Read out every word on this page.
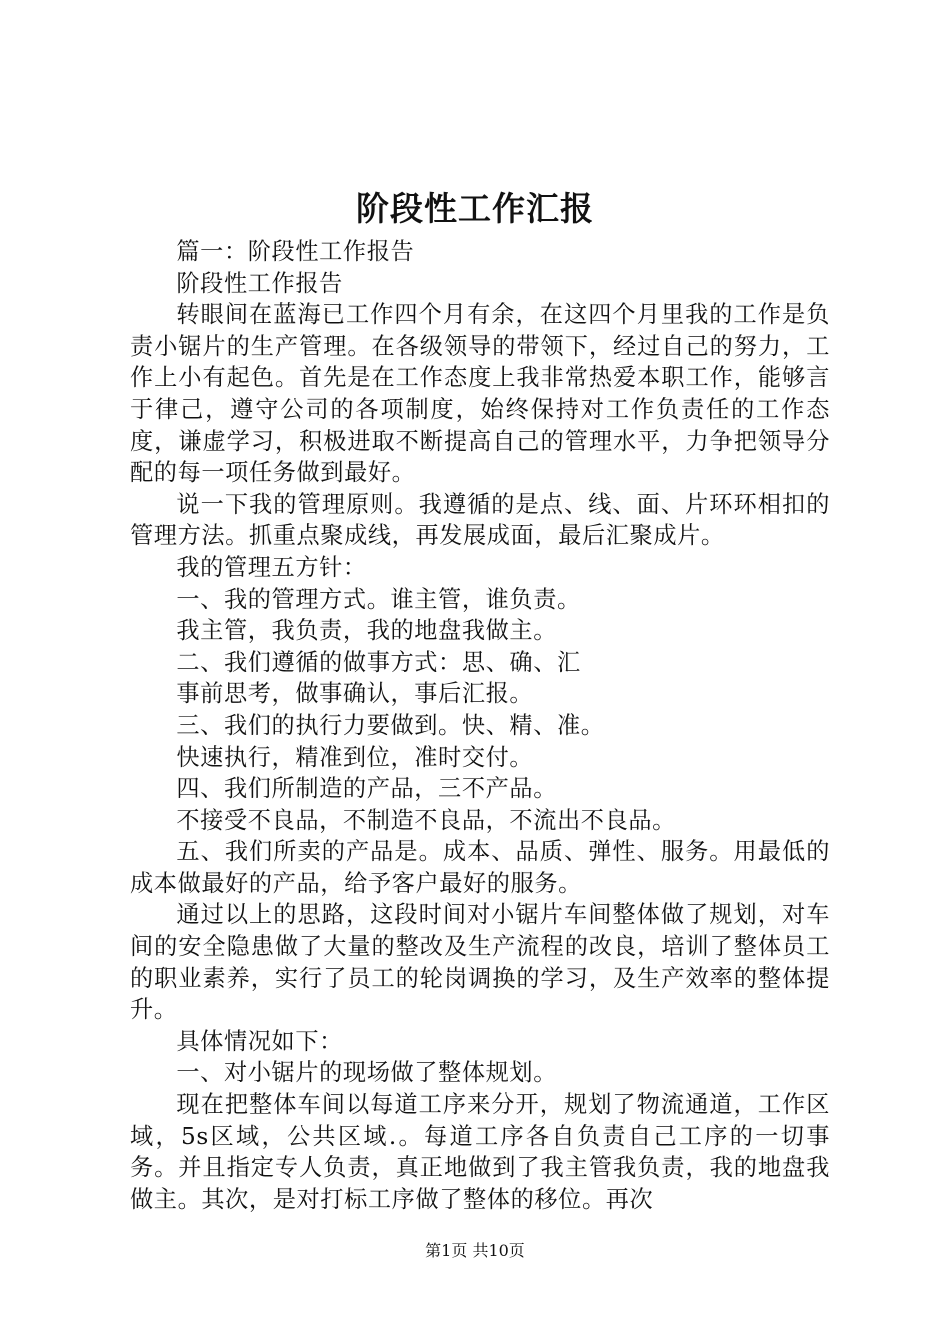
阶段性工作汇报

篇一：阶段性工作报告

阶段性工作报告

转眼间在蓝海已工作四个月有余，在这四个月里我的工作是负责小锯片的生产管理。在各级领导的带领下，经过自己的努力，工作上小有起色。首先是在工作态度上我非常热爱本职工作，能够言于律己，遵守公司的各项制度，始终保持对工作负责任的工作态度，谦虚学习，积极进取不断提高自己的管理水平，力争把领导分配的每一项任务做到最好。

说一下我的管理原则。我遵循的是点、线、面、片环环相扣的管理方法。抓重点聚成线，再发展成面，最后汇聚成片。

我的管理五方针：

一、我的管理方式。谁主管，谁负责。

我主管，我负责，我的地盘我做主。

二、我们遵循的做事方式：思、确、汇

事前思考，做事确认，事后汇报。

三、我们的执行力要做到。快、精、准。

快速执行，精准到位，准时交付。

四、我们所制造的产品，三不产品。

不接受不良品，不制造不良品，不流出不良品。

五、我们所卖的产品是。成本、品质、弹性、服务。用最低的成本做最好的产品，给予客户最好的服务。

通过以上的思路，这段时间对小锯片车间整体做了规划，对车间的安全隐患做了大量的整改及生产流程的改良，培训了整体员工的职业素养，实行了员工的轮岗调换的学习，及生产效率的整体提升。

具体情况如下：

一、对小锯片的现场做了整体规划。

现在把整体车间以每道工序来分开，规划了物流通道，工作区域，5s区域，公共区域.。每道工序各自负责自己工序的一切事务。并且指定专人负责，真正地做到了我主管我负责，我的地盘我做主。其次，是对打标工序做了整体的移位。再次

第1页 共10页
